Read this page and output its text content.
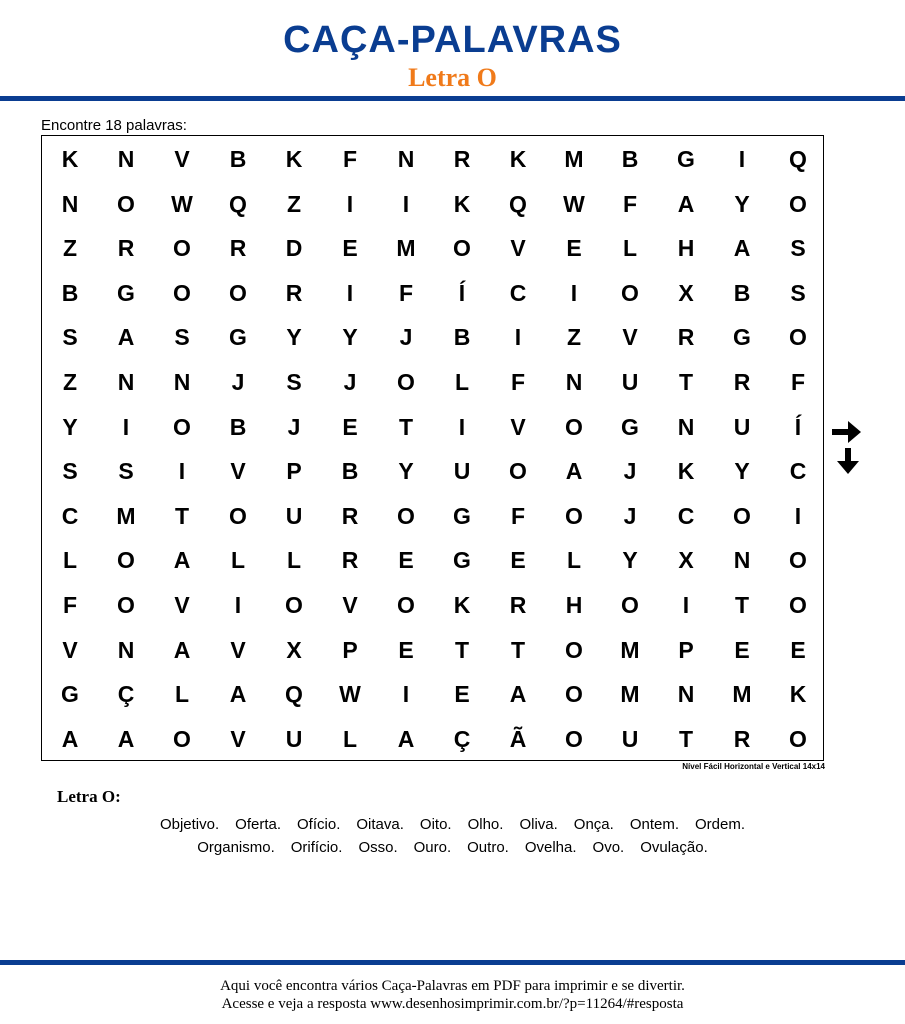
CAÇA-PALAVRAS
Letra O
Encontre 18 palavras:
K	N	V	B	K	F	N	R	K	M	B	G	I	Q
N	O	W	Q	Z	I	I	K	Q	W	F	A	Y	O
Z	R	O	R	D	E	M	O	V	E	L	H	A	S
B	G	O	O	R	I	F	Í	C	I	O	X	B	S
S	A	S	G	Y	Y	J	B	I	Z	V	R	G	O
Z	N	N	J	S	J	O	L	F	N	U	T	R	F
Y	I	O	B	J	E	T	I	V	O	G	N	U	Í
S	S	I	V	P	B	Y	U	O	A	J	K	Y	C
C	M	T	O	U	R	O	G	F	O	J	C	O	I
L	O	A	L	L	R	E	G	E	L	Y	X	N	O
F	O	V	I	O	V	O	K	R	H	O	I	T	O
V	N	A	V	X	P	E	T	T	O	M	P	E	E
G	Ç	L	A	Q	W	I	E	A	O	M	N	M	K
A	A	O	V	U	L	A	Ç	Ã	O	U	T	R	O
Nível Fácil Horizontal e Vertical 14x14
Letra O:
Objetivo. Oferta. Ofício. Oitava. Oito. Olho. Oliva. Onça. Ontem. Ordem.
Organismo. Orifício. Osso. Ouro. Outro. Ovelha. Ovo. Ovulação.
Aqui você encontra vários Caça-Palavras em PDF para imprimir e se divertir.
Acesse e veja a resposta www.desenhosimprimir.com.br/?p=11264/#resposta
